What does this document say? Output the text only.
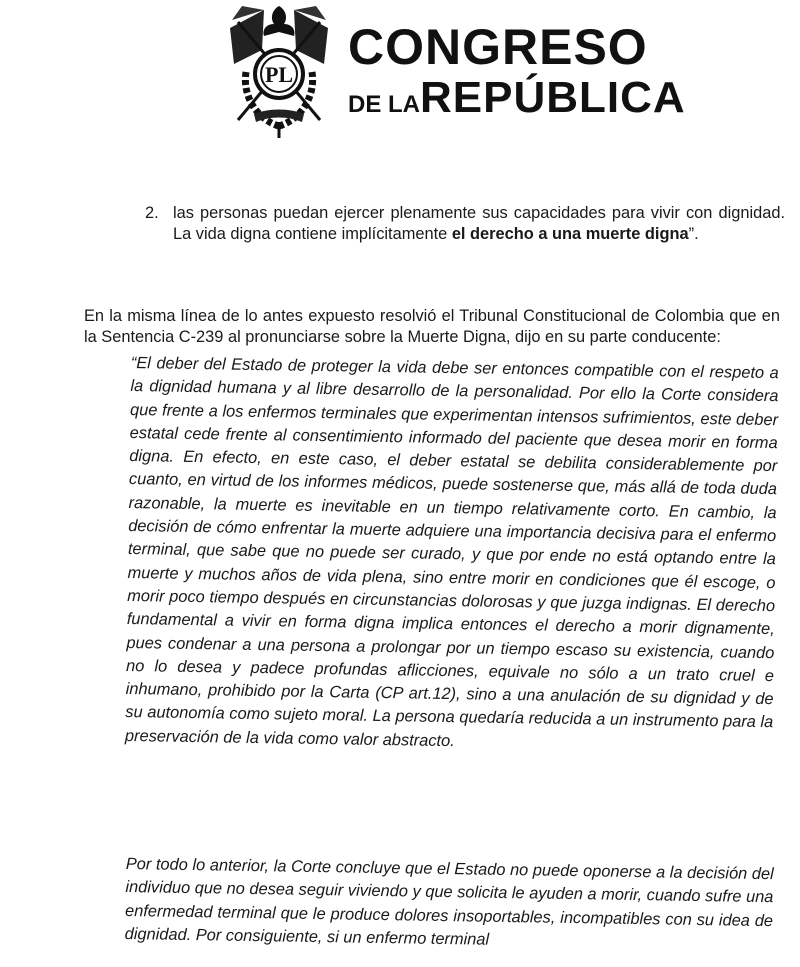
PL CONGRESO
DE LAREPÚBLICA
2. las personas puedan ejercer plenamente sus capacidades para vivir con dignidad. La vida digna contiene implícitamente el derecho a una muerte digna”.
En la misma línea de lo antes expuesto resolvió el Tribunal Constitucional de Colombia que en la Sentencia C-239 al pronunciarse sobre la Muerte Digna, dijo en su parte conducente:
“El deber del Estado de proteger la vida debe ser entonces compatible con el respeto a la dignidad humana y al libre desarrollo de la personalidad. Por ello la Corte considera que frente a los enfermos terminales que experimentan intensos sufrimientos, este deber estatal cede frente al consentimiento informado del paciente que desea morir en forma digna. En efecto, en este caso, el deber estatal se debilita considerablemente por cuanto, en virtud de los informes médicos, puede sostenerse que, más allá de toda duda razonable, la muerte es inevitable en un tiempo relativamente corto. En cambio, la decisión de cómo enfrentar la muerte adquiere una importancia decisiva para el enfermo terminal, que sabe que no puede ser curado, y que por ende no está optando entre la muerte y muchos años de vida plena, sino entre morir en condiciones que él escoge, o morir poco tiempo después en circunstancias dolorosas y que juzga indignas. El derecho fundamental a vivir en forma digna implica entonces el derecho a morir dignamente, pues condenar a una persona a prolongar por un tiempo escaso su existencia, cuando no lo desea y padece profundas aflicciones, equivale no sólo a un trato cruel e inhumano, prohibido por la Carta (CP art.12), sino a una anulación de su dignidad y de su autonomía como sujeto moral. La persona quedaría reducida a un instrumento para la preservación de la vida como valor abstracto.
Por todo lo anterior, la Corte concluye que el Estado no puede oponerse a la decisión del individuo que no desea seguir viviendo y que solicita le ayuden a morir, cuando sufre una enfermedad terminal que le produce dolores insoportables, incompatibles con su idea de dignidad. Por consiguiente, si un enfermo terminal
